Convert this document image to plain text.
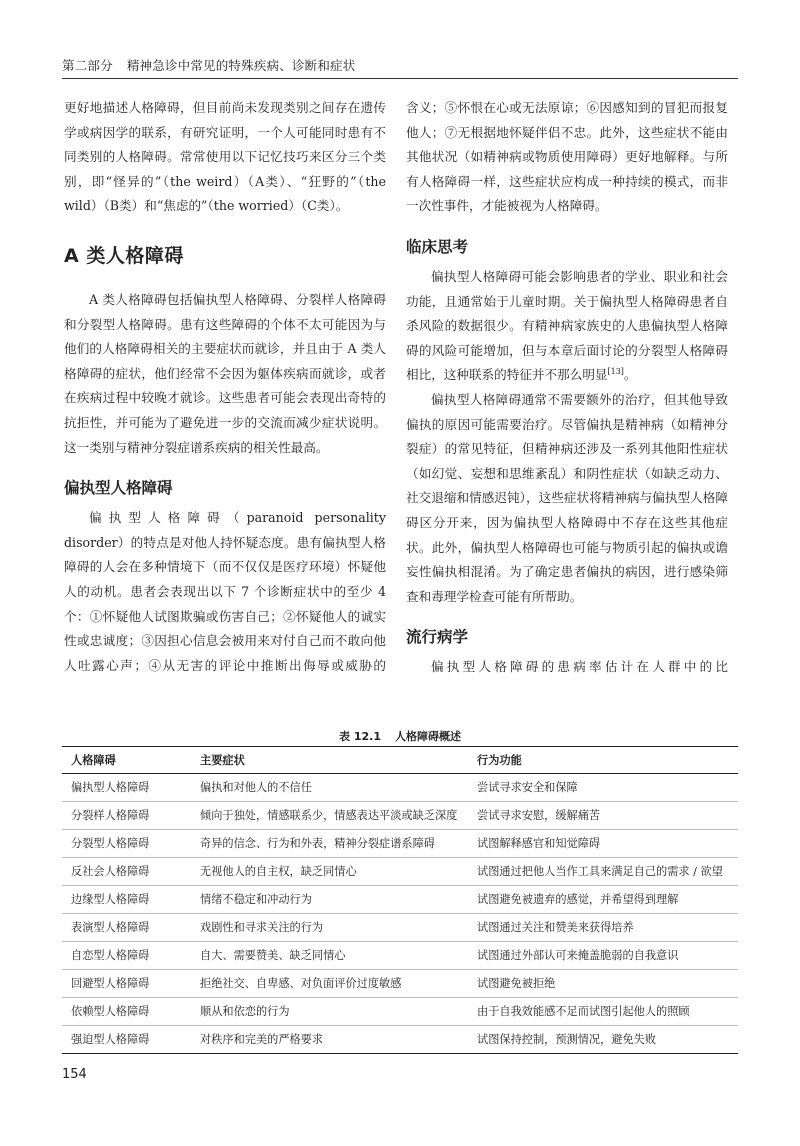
第二部分 精神急诊中常见的特殊疾病、诊断和症状

更好地描述人格障碍，但目前尚未发现类别之间存在遗传学或病因学的联系，有研究证明，一个人可能同时患有不同类别的人格障碍。常常使用以下记忆技巧来区分三个类别，即“怪异的”（the weird）（A类）、“狂野的”（the wild）（B类）和“焦虑的”（the worried）（C类）。

A 类人格障碍

A 类人格障碍包括偏执型人格障碍、分裂样人格障碍和分裂型人格障碍。患有这些障碍的个体不太可能因为与他们的人格障碍相关的主要症状而就诊，并且由于 A 类人格障碍的症状，他们经常不会因为躯体疾病而就诊，或者在疾病过程中较晚才就诊。这些患者可能会表现出奇特的抗拒性，并可能为了避免进一步的交流而减少症状说明。这一类别与精神分裂症谱系疾病的相关性最高。

偏执型人格障碍

偏执型人格障碍（paranoid personality disorder）的特点是对他人持怀疑态度。患有偏执型人格障碍的人会在多种情境下（而不仅仅是医疗环境）怀疑他人的动机。患者会表现出以下 7 个诊断症状中的至少 4 个：①怀疑他人试图欺骗或伤害自己；②怀疑他人的诚实性或忠诚度；③因担心信息会被用来对付自己而不敢向他人吐露心声；④从无害的评论中推断出侮辱或威胁的

含义；⑤怀恨在心或无法原谅；⑥因感知到的冒犯而报复他人；⑦无根据地怀疑伴侣不忠。此外，这些症状不能由其他状况（如精神病或物质使用障碍）更好地解释。与所有人格障碍一样，这些症状应构成一种持续的模式，而非一次性事件，才能被视为人格障碍。

临床思考

偏执型人格障碍可能会影响患者的学业、职业和社会功能，且通常始于儿童时期。关于偏执型人格障碍患者自杀风险的数据很少。有精神病家族史的人患偏执型人格障碍的风险可能增加，但与本章后面讨论的分裂型人格障碍相比，这种联系的特征并不那么明显[13]。

偏执型人格障碍通常不需要额外的治疗，但其他导致偏执的原因可能需要治疗。尽管偏执是精神病（如精神分裂症）的常见特征，但精神病还涉及一系列其他阳性症状（如幻觉、妄想和思维紊乱）和阴性症状（如缺乏动力、社交退缩和情感迟钝），这些症状将精神病与偏执型人格障碍区分开来，因为偏执型人格障碍中不存在这些其他症状。此外，偏执型人格障碍也可能与物质引起的偏执或谵妄性偏执相混淆。为了确定患者偏执的病因，进行感染筛查和毒理学检查可能有所帮助。

流行病学

偏执型人格障碍的患病率估计在人群中的比

表 12.1 人格障碍概述
人格障碍	主要症状	行为功能
偏执型人格障碍	偏执和对他人的不信任	尝试寻求安全和保障
分裂样人格障碍	倾向于独处，情感联系少，情感表达平淡或缺乏深度	尝试寻求安慰，缓解痛苦
分裂型人格障碍	奇异的信念、行为和外表，精神分裂症谱系障碍	试图解释感官和知觉障碍
反社会人格障碍	无视他人的自主权，缺乏同情心	试图通过把他人当作工具来满足自己的需求 / 欲望
边缘型人格障碍	情绪不稳定和冲动行为	试图避免被遗弃的感觉，并希望得到理解
表演型人格障碍	戏剧性和寻求关注的行为	试图通过关注和赞美来获得培养
自恋型人格障碍	自大、需要赞美、缺乏同情心	试图通过外部认可来掩盖脆弱的自我意识
回避型人格障碍	拒绝社交、自卑感、对负面评价过度敏感	试图避免被拒绝
依赖型人格障碍	顺从和依恋的行为	由于自我效能感不足而试图引起他人的照顾
强迫型人格障碍	对秩序和完美的严格要求	试图保持控制，预测情况，避免失败
154
